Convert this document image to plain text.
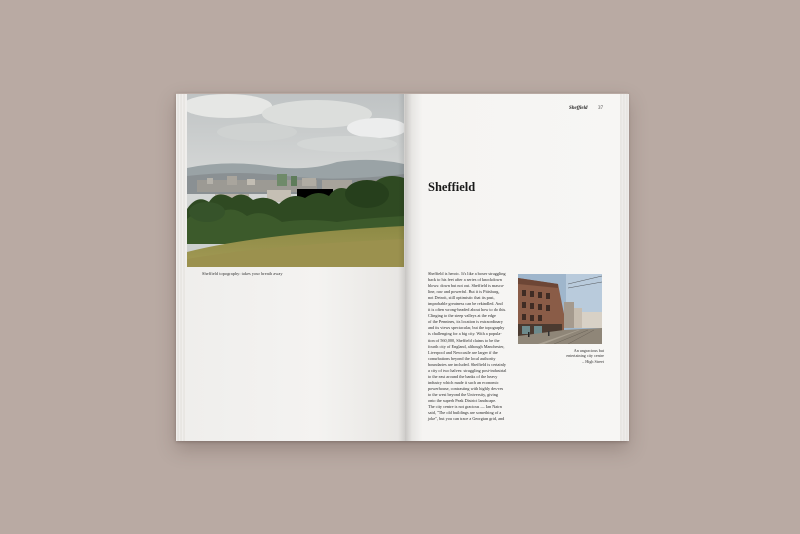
Sheffield topography: takes your breath away
Sheffield 37
Sheffield
Sheffield is heroic. It's like a boxer struggling
back to his feet after a series of knockdown
blows: down but not out. Sheffield is mascu-
line, raw and powerful. But it is Pittsburg,
not Detroit, still optimistic that its past,
improbable greatness can be rekindled. And
it is often wrong-headed about how to do this.
Clinging to the steep valleys at the edge
of the Pennines, its location is extraordinary
and its views spectacular, but the topography
is challenging for a big city. With a popula-
tion of 560,000, Sheffield claims to be the
fourth city of England, although Manchester,
Liverpool and Newcastle are larger if the
conurbations beyond the local authority
boundaries are included. Sheffield is certainly
a city of two halves: struggling post-industrial
to the east around the banks of the heavy
industry which made it such an economic
powerhouse, contrasting with highly des-res
to the west beyond the University, giving
onto the superb Peak District landscape.
The city centre is not gracious — Ian Nairn
said, "The old buildings are something of a
joke", but you can trace a Georgian grid, and
An ungracious but
entertaining city centre
– High Street
